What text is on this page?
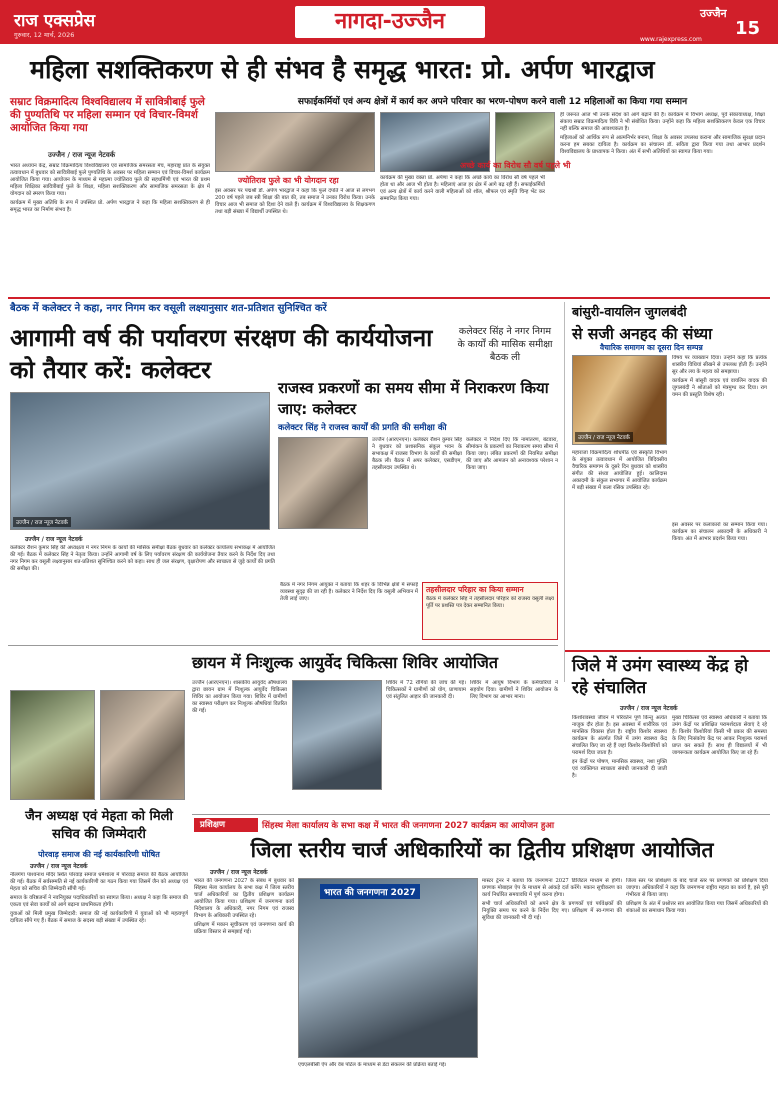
राज एक्सप्रेस
गुरुवार, 12 मार्च, 2026
नागदा-उज्जैन	उज्जैन
15
www.rajexpress.com
महिला सशक्तिकरण से ही संभव है समृद्ध भारत: प्रो. अर्पण भारद्वाज
सम्राट विक्रमादित्य विश्वविद्यालय में सावित्रीबाई फुले की पुण्यतिथि पर महिला सम्मान एवं विचार-विमर्श आयोजित किया गया
उज्जैन / राज न्यूज नेटवर्क
सफाईकर्मियों एवं अन्य क्षेत्रों में कार्य कर अपने परिवार का भरण-पोषण करने वाली 12 महिलाओं का किया गया सम्मान

भारत अध्ययन केंद्र, सम्राट विक्रमादित्य विश्वविद्यालय एवं सामाजिक समरसता मंच, महाराष्ट्र प्रांत के संयुक्त तत्वावधान में बुधवार को सावित्रीबाई फुले पुण्यतिथि के अवसर पर महिला सम्मान एवं विचार-विमर्श कार्यक्रम आयोजित किया गया। आयोजन के माध्यम से महात्मा ज्योतिराव फुले की सहधर्मिणी एवं भारत की प्रथम महिला शिक्षिका सावित्रीबाई फुले के शिक्षा, महिला सशक्तिकरण और सामाजिक समरसता के क्षेत्र में योगदान को स्मरण किया गया।

कार्यक्रम में मुख्य अतिथि के रूप में उपस्थित प्रो. अर्पण भारद्वाज ने कहा कि महिला सशक्तिकरण से ही समृद्ध भारत का निर्माण संभव है।

ज्योतिराव फुले का भी योगदान रहा
अच्छे कार्य का विरोध सौ वर्ष पहले भी

इस अवसर पर पद्मश्री डॉ. अर्पण भारद्वाज ने कहा कि फुले दंपति ने आज से लगभग 200 वर्ष पहले जब स्त्री शिक्षा की बात की, तब समाज ने उनका विरोध किया। उनके विचार आज भी समाज को दिशा देने वाले हैं। कार्यक्रम में विश्वविद्यालय के शिक्षकगण तथा बड़ी संख्या में विद्यार्थी उपस्थित थे।

कार्यक्रम की मुख्य वक्ता प्रो. अर्पणा ने कहा कि अच्छे कार्य का विरोध सौ वर्ष पहले भी होता था और आज भी होता है। महिलाएं आज हर क्षेत्र में आगे बढ़ रही हैं। सफाईकर्मियों एवं अन्य क्षेत्रों में कार्य करने वाली महिलाओं को शॉल, श्रीफल एवं स्मृति चिन्ह भेंट कर सम्मानित किया गया।

ही जरूरत आज भी उनके संदेश को आगे बढ़ाने की है। कार्यक्रम में विभाग अध्यक्ष, पूर्व संकायाध्यक्ष, शिक्षा संकाय सम्राट विक्रमादित्य विवि ने भी संबोधित किया। उन्होंने कहा कि महिला सशक्तिकरण केवल एक विचार नहीं बल्कि समाज की आवश्यकता है।

महिलाओं को आर्थिक रूप से आत्मनिर्भर बनाना, शिक्षा के अवसर उपलब्ध कराना और सामाजिक सुरक्षा प्रदान करना हम सबका दायित्व है। कार्यक्रम का संचालन डॉ. सविता द्वारा किया गया तथा आभार प्रदर्शन विश्वविद्यालय के प्राध्यापक ने किया। अंत में सभी अतिथियों का स्वागत किया गया।

बैठक में कलेक्टर ने कहा, नगर निगम कर वसूली लक्ष्यानुसार शत-प्रतिशत सुनिश्चित करें
आगामी वर्ष की पर्यावरण संरक्षण की कार्ययोजना को तैयार करें: कलेक्टर
कलेक्टर सिंह ने नगर निगम के कार्यों की मासिक समीक्षा बैठक ली
उज्जैन / राज न्यूज नेटवर्क
राजस्व प्रकरणों का समय सीमा में निराकरण किया जाए: कलेक्टर
कलेक्टर सिंह ने राजस्व कार्यों की प्रगति की समीक्षा की

उज्जैन (आरएनएन)। कलेक्टर रौशन कुमार सिंह ने बुधवार को प्रशासनिक संकुल भवन के सभाकक्ष में राजस्व विभाग के कार्यों की समीक्षा बैठक ली। बैठक में अपर कलेक्टर, एसडीएम, तहसीलदार उपस्थित थे।

कलेक्टर ने निर्देश दिए कि नामांतरण, बंटवारा, सीमांकन के प्रकरणों का निराकरण समय सीमा में किया जाए। लंबित प्रकरणों की नियमित समीक्षा की जाए और आमजन को अनावश्यक परेशान न किया जाए।

उज्जैन / राज न्यूज नेटवर्क

कलेक्टर रौशन कुमार सिंह की अध्यक्षता में नगर निगम के कार्यों की मासिक समीक्षा बैठक बुधवार को कलेक्टर कार्यालय सभाकक्ष में आयोजित की गई। बैठक में कलेक्टर सिंह ने नेतृत्व किया। उन्होंने आगामी वर्ष के लिए पर्यावरण संरक्षण की कार्ययोजना तैयार करने के निर्देश दिए तथा नगर निगम कर वसूली लक्ष्यानुसार शत-प्रतिशत सुनिश्चित करने को कहा। साथ ही जल संरक्षण, वृक्षारोपण और स्वच्छता से जुड़े कार्यों की प्रगति की समीक्षा की।

बैठक में नगर निगम आयुक्त ने बताया कि शहर के विभिन्न क्षेत्रों में सफाई व्यवस्था सुदृढ़ की जा रही है। कलेक्टर ने निर्देश दिए कि वसूली अभियान में तेजी लाई जाए।

तहसीलदार परिहार का किया सम्मान

बैठक में कलेक्टर सिंह ने तहसीलदार परिहार को राजस्व वसूली लक्ष्य पूर्ति पर प्रशस्ति पत्र देकर सम्मानित किया।

बांसुरी-वायलिन जुगलबंदी
से सजी अनहद की संध्या
वैचारिक समागम का दूसरा दिन सम्पन्न
उज्जैन / राज न्यूज नेटवर्क

विषय पर व्याख्यान दिया। उन्होंने कहा कि प्रत्येक शास्त्रीय विधियां सीखने से उपलब्ध होती हैं। उन्होंने सुर और लय के महत्व को समझाया।

कार्यक्रम में बांसुरी वादक एवं वायलिन वादक की जुगलबंदी ने श्रोताओं को मंत्रमुग्ध कर दिया। राग यमन की प्रस्तुति विशेष रही।

महाराजा विक्रमादित्य शोधपीठ एवं संस्कृति विभाग के संयुक्त तत्वावधान में आयोजित त्रिदिवसीय वैचारिक समागम के दूसरे दिन बुधवार को शास्त्रीय संगीत की संध्या आयोजित हुई। कालिदास अकादमी के संकुल सभागार में आयोजित कार्यक्रम में बड़ी संख्या में कला रसिक उपस्थित रहे।

इस अवसर पर कलाकारों का सम्मान किया गया। कार्यक्रम का संचालन अकादमी के अधिकारी ने किया। अंत में आभार प्रदर्शन किया गया।

जिले में उमंग स्वास्थ्य केंद्र हो रहे संचालित
उज्जैन / राज न्यूज नेटवर्क

किशोरावस्था जीवन में परिवर्तन पूर्ण किन्तु अत्यंत नाजुक दौर होता है। इस अवस्था में शारीरिक एवं मानसिक विकास होता है। राष्ट्रीय किशोर स्वास्थ्य कार्यक्रम के अंतर्गत जिले में उमंग स्वास्थ्य केंद्र संचालित किए जा रहे हैं जहां किशोर-किशोरियों को परामर्श दिया जाता है।

इन केंद्रों पर पोषण, मानसिक स्वास्थ्य, नशा मुक्ति एवं व्यक्तिगत स्वच्छता संबंधी जानकारी दी जाती है।

मुख्य चिकित्सा एवं स्वास्थ्य अधिकारी ने बताया कि उमंग केंद्रों पर प्रशिक्षित परामर्शदाता सेवाएं दे रहे हैं। किशोर किशोरियां किसी भी प्रकार की समस्या के लिए निःसंकोच केंद्र पर आकर निःशुल्क परामर्श प्राप्त कर सकते हैं। साथ ही विद्यालयों में भी जागरूकता कार्यक्रम आयोजित किए जा रहे हैं।

छायन में निःशुल्क आयुर्वेद चिकित्सा शिविर आयोजित

उज्जैन (आरएनएन)। शासकीय आयुर्वेद औषधालय द्वारा छायन ग्राम में निःशुल्क आयुर्वेद चिकित्सा शिविर का आयोजन किया गया। शिविर में ग्रामीणों का स्वास्थ्य परीक्षण कर निःशुल्क औषधियां वितरित की गईं।

शिविर में 72 रोगियों की जांच की गई। चिकित्सकों ने ग्रामीणों को योग, प्राणायाम एवं संतुलित आहार की जानकारी दी।

शिविर में आयुष विभाग के कर्मचारियों ने सहयोग दिया। ग्रामीणों ने शिविर आयोजन के लिए विभाग का आभार माना।

जैन अध्यक्ष एवं मेहता को मिली सचिव की जिम्मेदारी
पोरवाड़ समाज की नई कार्यकारिणी घोषित
उज्जैन / राज न्यूज नेटवर्क

नीलगंगा पाश्वनाथ मंदिर स्थित पोरवाड़ समाज धर्मशाला में पोरवाड़ समाज की बैठक आयोजित की गई। बैठक में सर्वसम्मति से नई कार्यकारिणी का गठन किया गया जिसमें जैन को अध्यक्ष एवं मेहता को सचिव की जिम्मेदारी सौंपी गई।

समाज के वरिष्ठजनों ने नवनियुक्त पदाधिकारियों का स्वागत किया। अध्यक्ष ने कहा कि समाज की एकता एवं सेवा कार्यों को आगे बढ़ाना प्राथमिकता होगी।

युवाओं को मिली प्रमुख जिम्मेदारी: समाज की नई कार्यकारिणी में युवाओं को भी महत्वपूर्ण दायित्व सौंपे गए हैं। बैठक में समाज के सदस्य बड़ी संख्या में उपस्थित रहे।

प्रशिक्षण	सिंहस्थ मेला कार्यालय के सभा कक्ष में भारत की जनगणना 2027 कार्यक्रम का आयोजन हुआ
जिला स्तरीय चार्ज अधिकारियों का द्वितीय प्रशिक्षण आयोजित
उज्जैन / राज न्यूज नेटवर्क

भारत की जनगणना 2027 के संबंध में बुधवार को सिंहस्थ मेला कार्यालय के सभा कक्ष में जिला स्तरीय चार्ज अधिकारियों का द्वितीय प्रशिक्षण कार्यक्रम आयोजित किया गया। प्रशिक्षण में जनगणना कार्य निदेशालय के अधिकारी, नगर निगम एवं राजस्व विभाग के अधिकारी उपस्थित रहे।

प्रशिक्षण में मकान सूचीकरण एवं जनगणना कार्य की प्रक्रिया विस्तार से समझाई गई।

भारत की जनगणना 2027

एचएलबीसी ऐप और वेब पोर्टल के माध्यम से डेटा संकलन की प्रक्रिया बताई गई।

मास्टर ट्रेनर ने बताया कि जनगणना 2027 डिजिटल माध्यम से होगी। प्रगणक मोबाइल ऐप के माध्यम से आंकड़े दर्ज करेंगे। मकान सूचीकरण का कार्य निर्धारित समयावधि में पूर्ण करना होगा।

सभी चार्ज अधिकारियों को अपने क्षेत्र के प्रगणकों एवं पर्यवेक्षकों की नियुक्ति समय पर करने के निर्देश दिए गए। प्रशिक्षण में स्व-गणना की सुविधा की जानकारी भी दी गई।

जिला स्तर पर प्रशिक्षण के बाद चार्ज स्तर पर प्रगणकों को प्रशिक्षण दिया जाएगा। अधिकारियों ने कहा कि जनगणना राष्ट्रीय महत्व का कार्य है, इसे पूरी गंभीरता से किया जाए।

प्रशिक्षण के अंत में प्रश्नोत्तर सत्र आयोजित किया गया जिसमें अधिकारियों की शंकाओं का समाधान किया गया।
